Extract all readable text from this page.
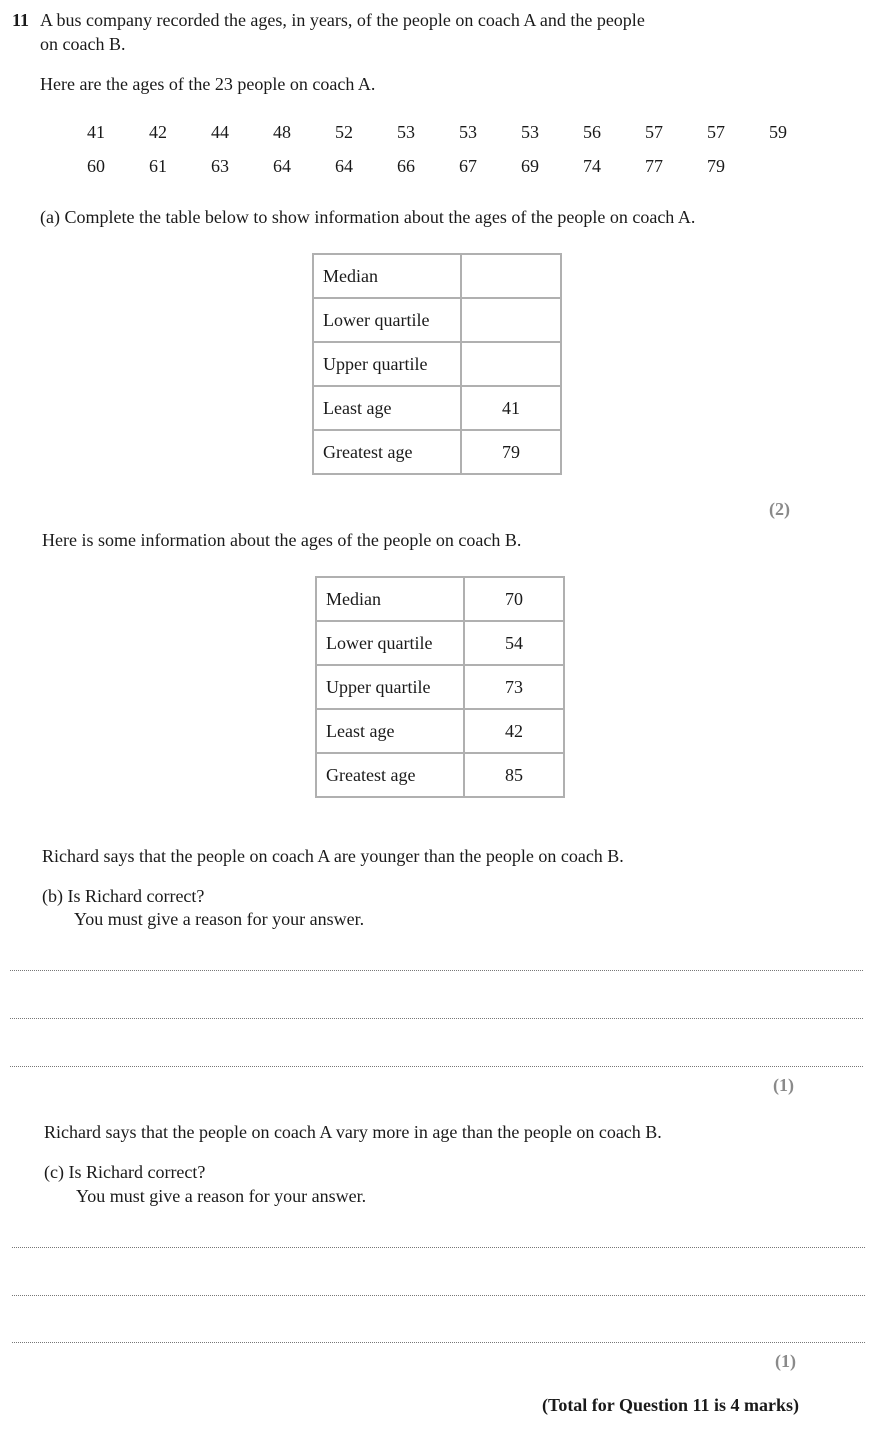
11 A bus company recorded the ages, in years, of the people on coach A and the people
on coach B.
Here are the ages of the 23 people on coach A.
41	42	44	48	52	53	53	53	56	57	57	59
60	61	63	64	64	66	67	69	74	77	79
(a) Complete the table below to show information about the ages of the people on coach A.
Median	
Lower quartile	
Upper quartile	
Least age	41
Greatest age	79
(2)
Here is some information about the ages of the people on coach B.
Median	70
Lower quartile	54
Upper quartile	73
Least age	42
Greatest age	85
Richard says that the people on coach A are younger than the people on coach B.
(b) Is Richard correct?
You must give a reason for your answer.
(1)
Richard says that the people on coach A vary more in age than the people on coach B.
(c) Is Richard correct?
You must give a reason for your answer.
(1)
(Total for Question 11 is 4 marks)
